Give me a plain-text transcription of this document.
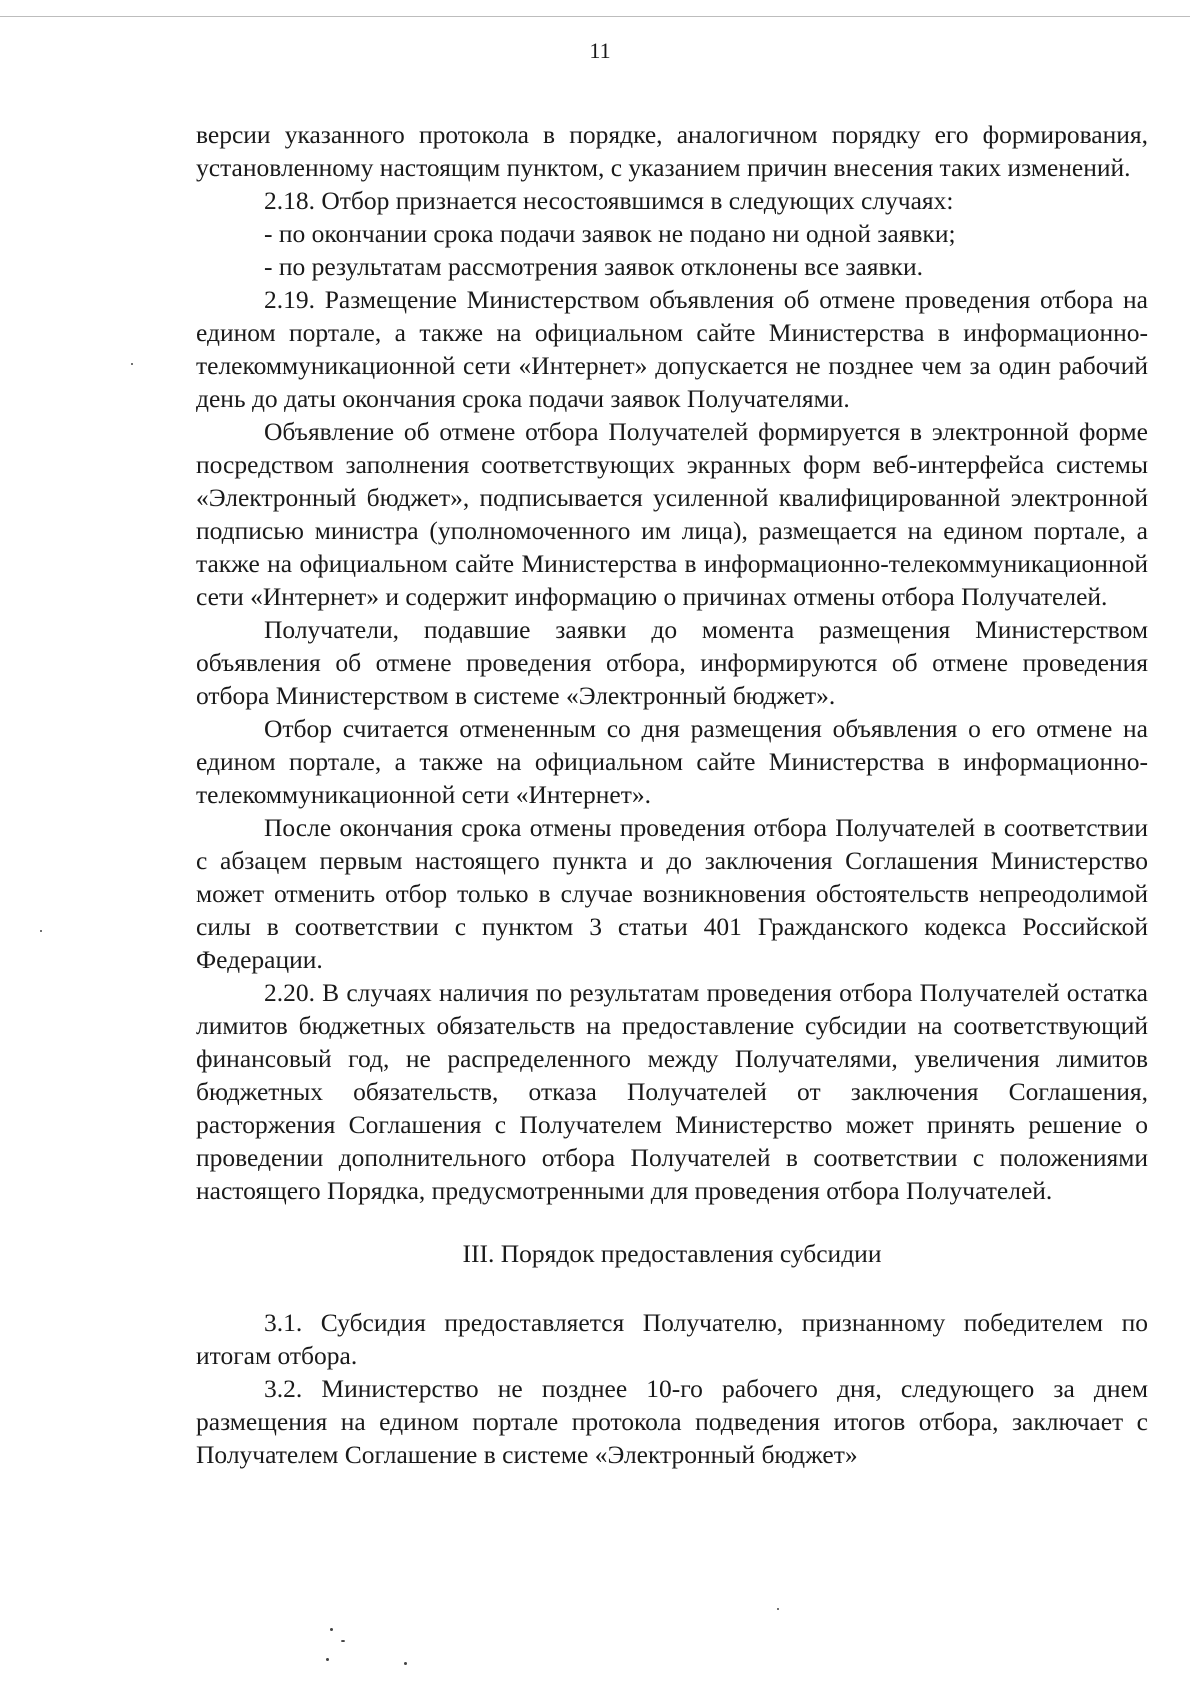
11

версии указанного протокола в порядке, аналогичном порядку его формирования, установленному настоящим пунктом, с указанием причин внесения таких изменений.

2.18. Отбор признается несостоявшимся в следующих случаях:

- по окончании срока подачи заявок не подано ни одной заявки;

- по результатам рассмотрения заявок отклонены все заявки.

2.19. Размещение Министерством объявления об отмене проведения отбора на едином портале, а также на официальном сайте Министерства в информационно-телекоммуникационной сети «Интернет» допускается не позднее чем за один рабочий день до даты окончания срока подачи заявок Получателями.

Объявление об отмене отбора Получателей формируется в электронной форме посредством заполнения соответствующих экранных форм веб-интерфейса системы «Электронный бюджет», подписывается усиленной квалифицированной электронной подписью министра (уполномоченного им лица), размещается на едином портале, а также на официальном сайте Министерства в информационно-телекоммуникационной сети «Интернет» и содержит информацию о причинах отмены отбора Получателей.

Получатели, подавшие заявки до момента размещения Министерством объявления об отмене проведения отбора, информируются об отмене проведения отбора Министерством в системе «Электронный бюджет».

Отбор считается отмененным со дня размещения объявления о его отмене на едином портале, а также на официальном сайте Министерства в информационно-телекоммуникационной сети «Интернет».

После окончания срока отмены проведения отбора Получателей в соответствии с абзацем первым настоящего пункта и до заключения Соглашения Министерство может отменить отбор только в случае возникновения обстоятельств непреодолимой силы в соответствии с пунктом 3 статьи 401 Гражданского кодекса Российской Федерации.

2.20. В случаях наличия по результатам проведения отбора Получателей остатка лимитов бюджетных обязательств на предоставление субсидии на соответствующий финансовый год, не распределенного между Получателями, увеличения лимитов бюджетных обязательств, отказа Получателей от заключения Соглашения, расторжения Соглашения с Получателем Министерство может принять решение о проведении дополнительного отбора Получателей в соответствии с положениями настоящего Порядка, предусмотренными для проведения отбора Получателей.

III. Порядок предоставления субсидии

3.1. Субсидия предоставляется Получателю, признанному победителем по итогам отбора.

3.2. Министерство не позднее 10-го рабочего дня, следующего за днем размещения на едином портале протокола подведения итогов отбора, заключает с Получателем Соглашение в системе «Электронный бюджет»
